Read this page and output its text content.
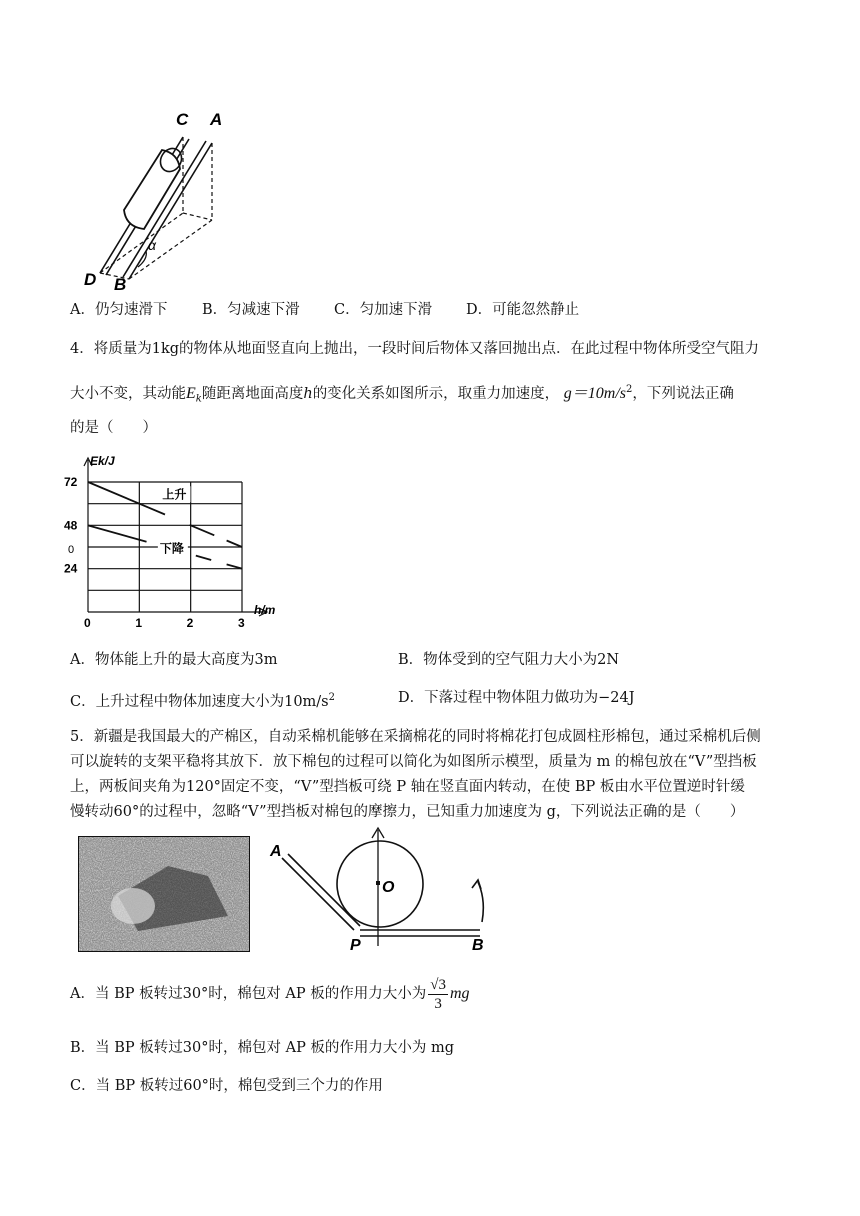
C A
D B
α
A．仍匀速滑下 B．匀减速下滑 C．匀加速下滑 D．可能忽然静止
4．将质量为1kg的物体从地面竖直向上抛出，一段时间后物体又落回抛出点．在此过程中物体所受空气阻力
大小不变，其动能$E_k$随距离地面高度h的变化关系如图所示，取重力加速度， $g=10m/s^2$，下列说法正确
的是（　　）
Ek/J
h/m
72
48
24
0
0	1	2	3
上升
下降
A．物体能上升的最大高度为3m	B．物体受到的空气阻力大小为2N
C．上升过程中物体加速度大小为$10m/s^2$	D．下落过程中物体阻力做功为−24J
5．新疆是我国最大的产棉区，自动采棉机能够在采摘棉花的同时将棉花打包成圆柱形棉包，通过采棉机后侧
可以旋转的支架平稳将其放下．放下棉包的过程可以简化为如图所示模型，质量为 m 的棉包放在“V”型挡板
上，两板间夹角为120°固定不变，“V”型挡板可绕 P 轴在竖直面内转动，在使 BP 板由水平位置逆时针缓
慢转动60°的过程中，忽略“V”型挡板对棉包的摩擦力，已知重力加速度为 g，下列说法正确的是（　　）
A
O
P	B
A．当 BP 板转过30°时，棉包对 AP 板的作用力大小为 $\frac{√3}{3}$ mg
B．当 BP 板转过30°时，棉包对 AP 板的作用力大小为 mg
C．当 BP 板转过60°时，棉包受到三个力的作用
